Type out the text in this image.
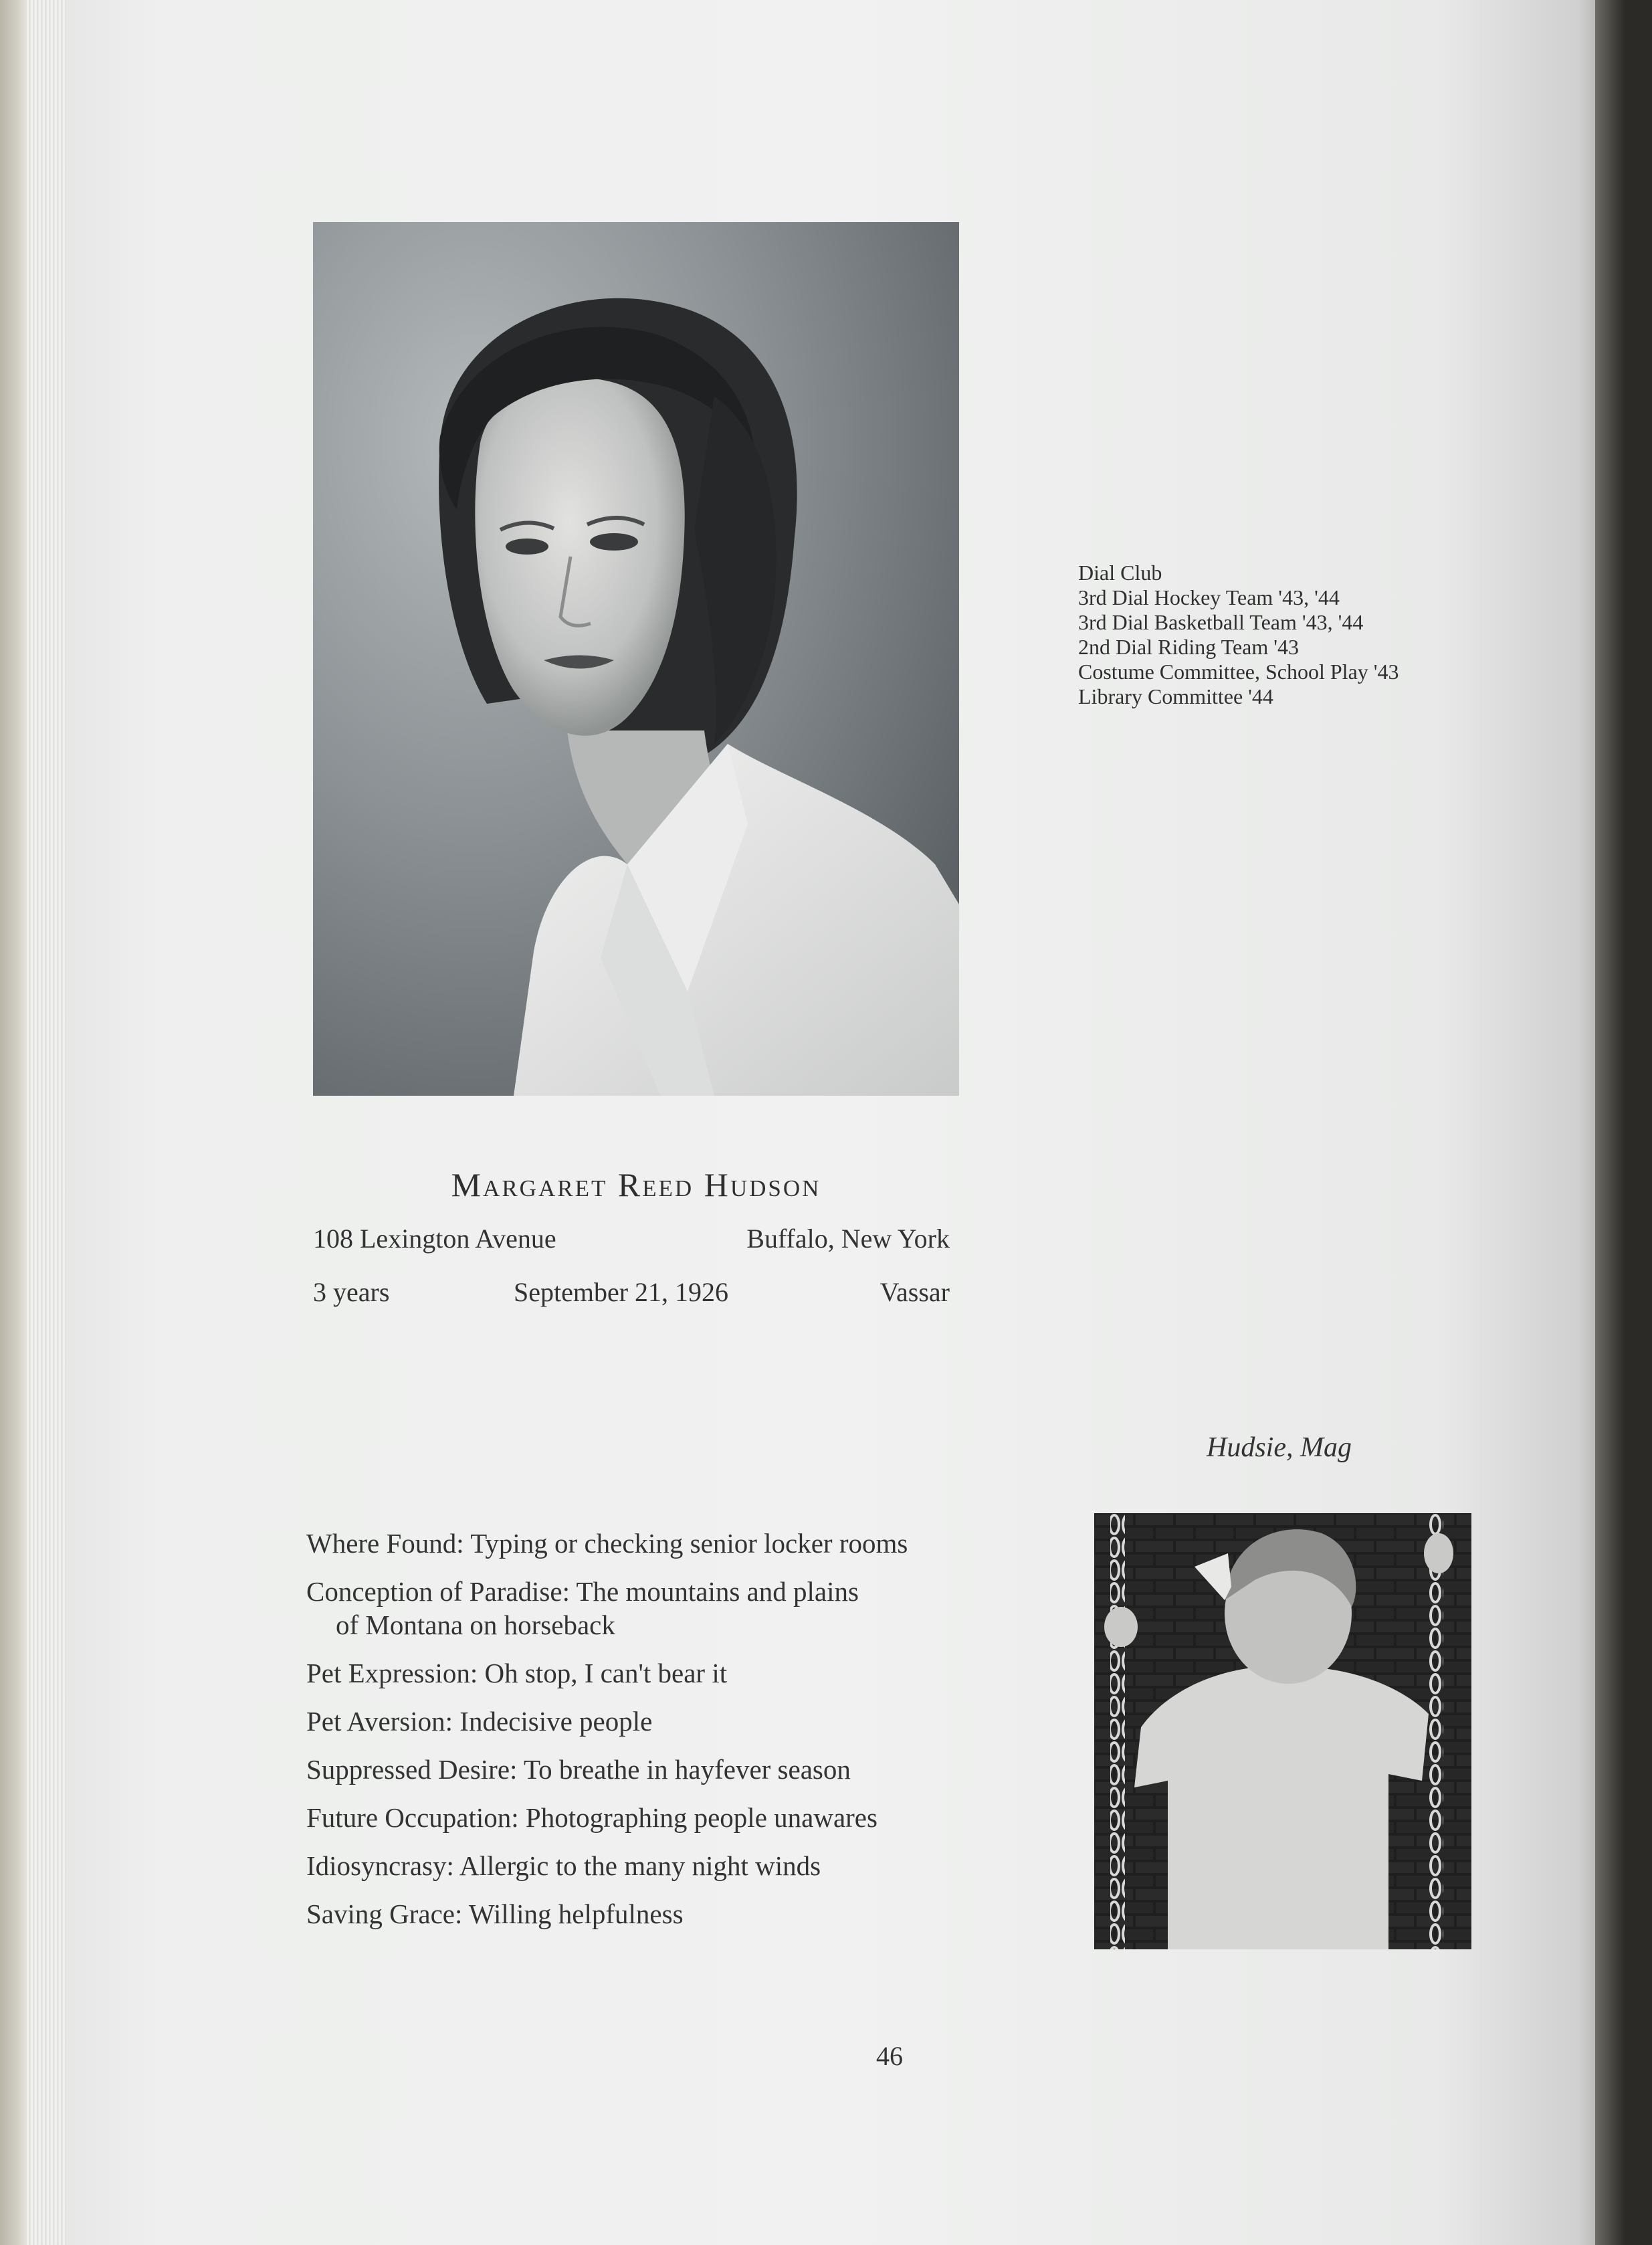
Margaret Reed Hudson
108 Lexington Avenue	Buffalo, New York
3 years	September 21, 1926	Vassar
Dial Club
3rd Dial Hockey Team '43, '44
3rd Dial Basketball Team '43, '44
2nd Dial Riding Team '43
Costume Committee, School Play '43
Library Committee '44
Hudsie, Mag
Where Found: Typing or checking senior locker rooms
Conception of Paradise: The mountains and plains
of Montana on horseback
Pet Expression: Oh stop, I can't bear it
Pet Aversion: Indecisive people
Suppressed Desire: To breathe in hayfever season
Future Occupation: Photographing people unawares
Idiosyncrasy: Allergic to the many night winds
Saving Grace: Willing helpfulness
46
